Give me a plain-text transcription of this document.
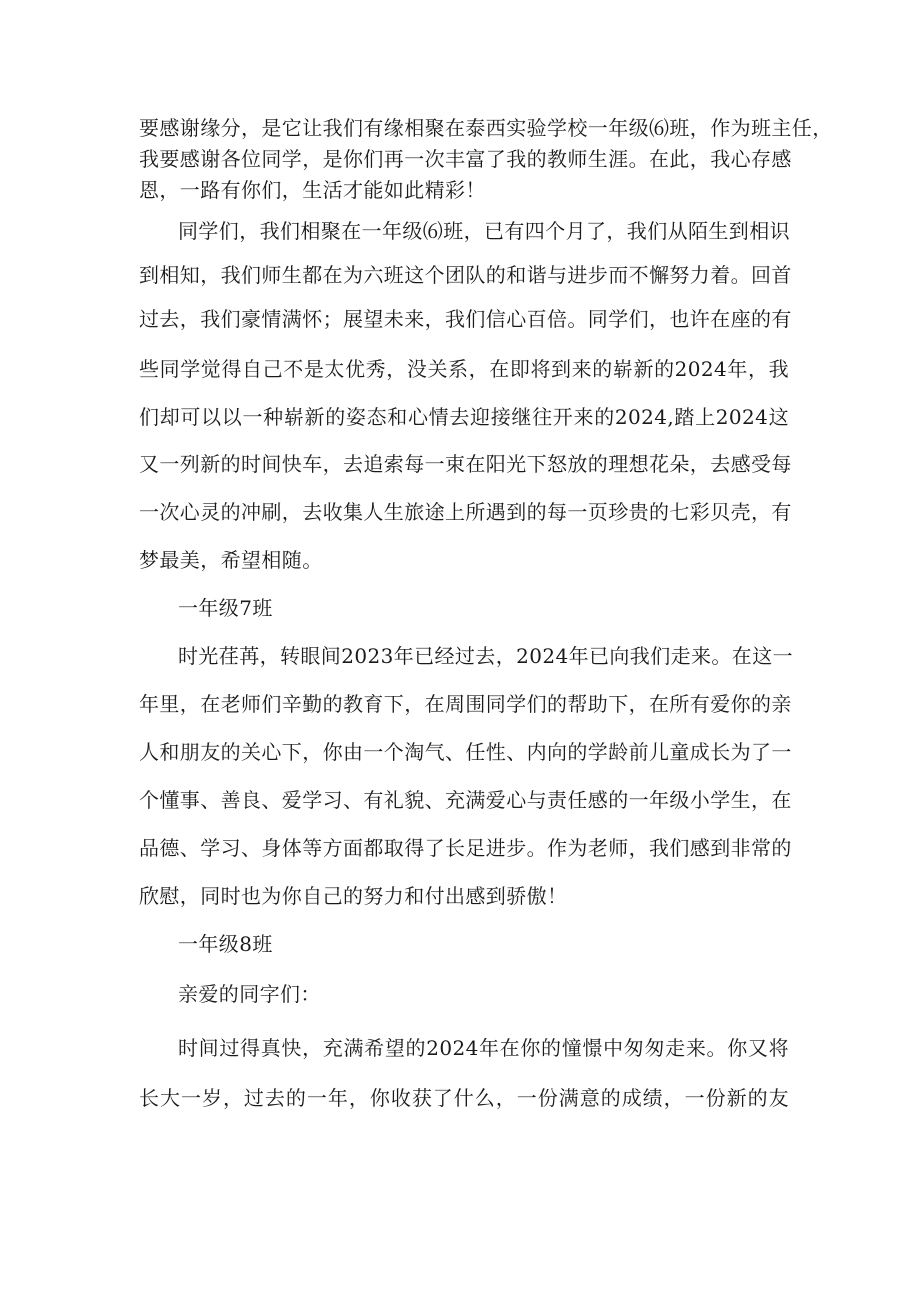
要感谢缘分，是它让我们有缘相聚在泰西实验学校一年级⑹班，作为班主任，
我要感谢各位同学，是你们再一次丰富了我的教师生涯。在此，我心存感
恩，一路有你们，生活才能如此精彩！
同学们，我们相聚在一年级⑹班，已有四个月了，我们从陌生到相识
到相知，我们师生都在为六班这个团队的和谐与进步而不懈努力着。回首
过去，我们豪情满怀；展望未来，我们信心百倍。同学们，也许在座的有
些同学觉得自己不是太优秀，没关系，在即将到来的崭新的2024年，我
们却可以以一种崭新的姿态和心情去迎接继往开来的2024,踏上2024这
又一列新的时间快车，去追索每一束在阳光下怒放的理想花朵，去感受每
一次心灵的冲刷，去收集人生旅途上所遇到的每一页珍贵的七彩贝壳，有
梦最美，希望相随。
一年级7班
时光荏苒，转眼间2023年已经过去，2024年已向我们走来。在这一
年里，在老师们辛勤的教育下，在周围同学们的帮助下，在所有爱你的亲
人和朋友的关心下，你由一个淘气、任性、内向的学龄前儿童成长为了一
个懂事、善良、爱学习、有礼貌、充满爱心与责任感的一年级小学生，在
品德、学习、身体等方面都取得了长足进步。作为老师，我们感到非常的
欣慰，同时也为你自己的努力和付出感到骄傲！
一年级8班
亲爱的同字们：
时间过得真快，充满希望的2024年在你的憧憬中匆匆走来。你又将
长大一岁，过去的一年，你收获了什么，一份满意的成绩，一份新的友
